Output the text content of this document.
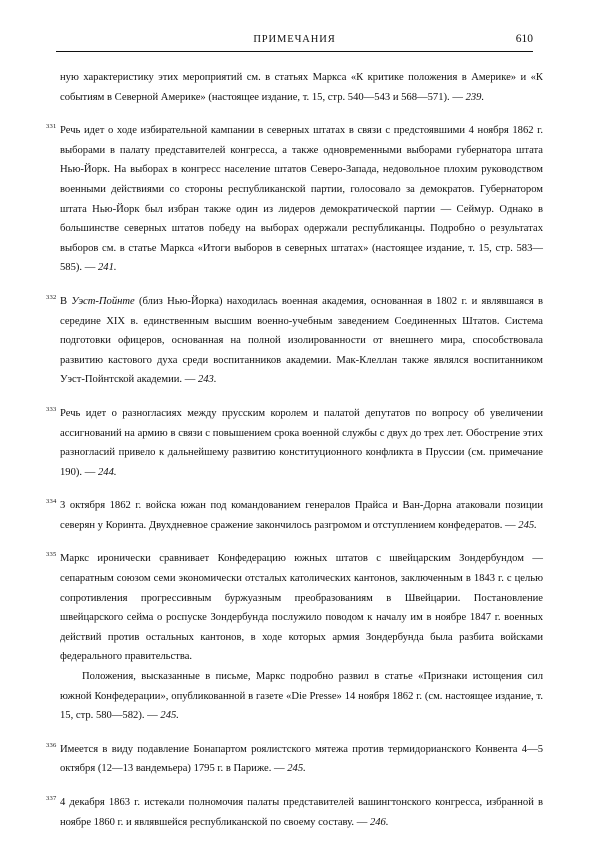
ПРИМЕЧАНИЯ	610

ную характеристику этих мероприятий см. в статьях Маркса «К критике положения в Америке» и «К событиям в Северной Америке» (настоящее издание, т. 15, стр. 540—543 и 568—571). — 239.

331 Речь идет о ходе избирательной кампании в северных штатах в связи с предстоявшими 4 ноября 1862 г. выборами в палату представителей конгресса, а также одновременными выборами губернатора штата Нью-Йорк. На выборах в конгресс население штатов Северо-Запада, недовольное плохим руководством военными действиями со стороны республиканской партии, голосовало за демократов. Губернатором штата Нью-Йорк был избран также один из лидеров демократической партии — Сеймур. Однако в большинстве северных штатов победу на выборах одержали республиканцы. Подробно о результатах выборов см. в статье Маркса «Итоги выборов в северных штатах» (настоящее издание, т. 15, стр. 583—585). — 241.

332 В Уэст-Пойнте (близ Нью-Йорка) находилась военная академия, основанная в 1802 г. и являвшаяся в середине XIX в. единственным высшим военно-учебным заведением Соединенных Штатов. Система подготовки офицеров, основанная на полной изолированности от внешнего мира, способствовала развитию кастового духа среди воспитанников академии. Мак-Клеллан также являлся воспитанником Уэст-Пойнтской академии. — 243.

333 Речь идет о разногласиях между прусским королем и палатой депутатов по вопросу об увеличении ассигнований на армию в связи с повышением срока военной службы с двух до трех лет. Обострение этих разногласий привело к дальнейшему развитию конституционного конфликта в Пруссии (см. примечание 190). — 244.

334 3 октября 1862 г. войска южан под командованием генералов Прайса и Ван-Дорна атаковали позиции северян у Коринта. Двухдневное сражение закончилось разгромом и отступлением конфедератов. — 245.

335 Маркс иронически сравнивает Конфедерацию южных штатов с швейцарским Зондербундом — сепаратным союзом семи экономически отсталых католических кантонов, заключенным в 1843 г. с целью сопротивления прогрессивным буржуазным преобразованиям в Швейцарии. Постановление швейцарского сейма о роспуске Зондербунда послужило поводом к началу им в ноябре 1847 г. военных действий против остальных кантонов, в ходе которых армия Зондербунда была разбита войсками федерального правительства.

Положения, высказанные в письме, Маркс подробно развил в статье «Признаки истощения сил южной Конфедерации», опубликованной в газете «Die Presse» 14 ноября 1862 г. (см. настоящее издание, т. 15, стр. 580—582). — 245.

336 Имеется в виду подавление Бонапартом роялистского мятежа против термидорианского Конвента 4—5 октября (12—13 вандемьера) 1795 г. в Париже. — 245.

337 4 декабря 1863 г. истекали полномочия палаты представителей вашингтонского конгресса, избранной в ноябре 1860 г. и являвшейся республиканской по своему составу. — 246.
